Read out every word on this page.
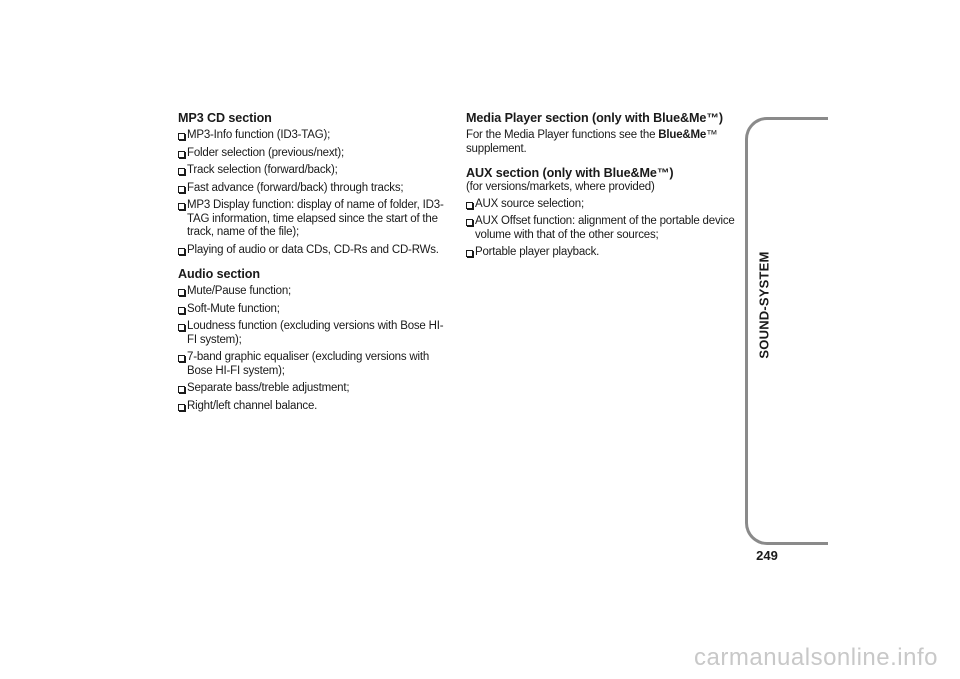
MP3 CD section
MP3-Info function (ID3-TAG);
Folder selection (previous/next);
Track selection (forward/back);
Fast advance (forward/back) through tracks;
MP3 Display function: display of name of folder, ID3-TAG information, time elapsed since the start of the track, name of the file);
Playing of audio or data CDs, CD-Rs and CD-RWs.
Audio section
Mute/Pause function;
Soft-Mute function;
Loudness function (excluding versions with Bose HI-FI system);
7-band graphic equaliser (excluding versions with Bose HI-FI system);
Separate bass/treble adjustment;
Right/left channel balance.
Media Player section (only with Blue&Me™)

For the Media Player functions see the Blue&Me™ supplement.

AUX section (only with Blue&Me™)

(for versions/markets, where provided)

AUX source selection;
AUX Offset function: alignment of the portable device volume with that of the other sources;
Portable player playback.	SOUND-SYSTEM
249
carmanualsonline.info
